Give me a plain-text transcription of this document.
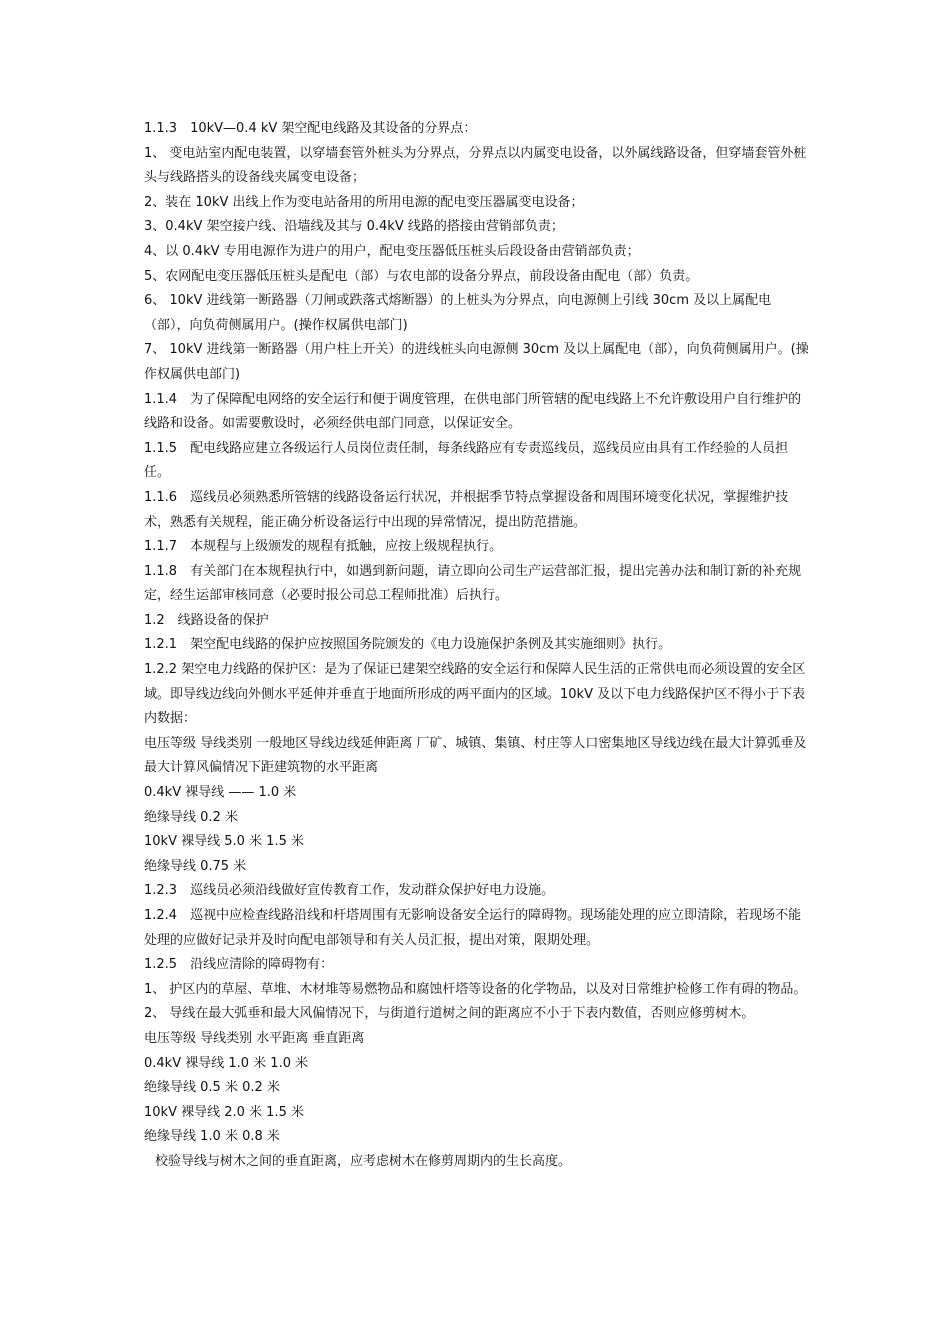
1.1.3　10kV—0.4 kV 架空配电线路及其设备的分界点：

1、 变电站室内配电装置，以穿墙套管外桩头为分界点，分界点以内属变电设备，以外属线路设备，但穿墙套管外桩头与线路搭头的设备线夹属变电设备；

2、装在 10kV 出线上作为变电站备用的所用电源的配电变压器属变电设备；

3、0.4kV 架空接户线、沿墙线及其与 0.4kV 线路的搭接由营销部负责；

4、以 0.4kV 专用电源作为进户的用户，配电变压器低压桩头后段设备由营销部负责；

5、农网配电变压器低压桩头是配电（部）与农电部的设备分界点，前段设备由配电（部）负责。

6、 10kV 进线第一断路器（刀闸或跌落式熔断器）的上桩头为分界点，向电源侧上引线 30cm 及以上属配电（部），向负荷侧属用户。(操作权属供电部门)

7、 10kV 进线第一断路器（用户柱上开关）的进线桩头向电源侧 30cm 及以上属配电（部），向负荷侧属用户。(操作权属供电部门)

1.1.4　为了保障配电网络的安全运行和便于调度管理，在供电部门所管辖的配电线路上不允许敷设用户自行维护的线路和设备。如需要敷设时，必须经供电部门同意，以保证安全。

1.1.5　配电线路应建立各级运行人员岗位责任制，每条线路应有专责巡线员，巡线员应由具有工作经验的人员担任。

1.1.6　巡线员必须熟悉所管辖的线路设备运行状况，并根据季节特点掌握设备和周围环境变化状况，掌握维护技术，熟悉有关规程，能正确分析设备运行中出现的异常情况，提出防范措施。

1.1.7　本规程与上级颁发的规程有抵触，应按上级规程执行。

1.1.8　有关部门在本规程执行中，如遇到新问题，请立即向公司生产运营部汇报，提出完善办法和制订新的补充规定，经生运部审核同意（必要时报公司总工程师批准）后执行。

1.2　线路设备的保护

1.2.1　架空配电线路的保护应按照国务院颁发的《电力设施保护条例及其实施细则》执行。

1.2.2 架空电力线路的保护区：是为了保证已建架空线路的安全运行和保障人民生活的正常供电而必须设置的安全区域。即导线边线向外侧水平延伸并垂直于地面所形成的两平面内的区域。10kV 及以下电力线路保护区不得小于下表内数据：

电压等级 导线类别 一般地区导线边线延伸距离 厂矿、城镇、集镇、村庄等人口密集地区导线边线在最大计算弧垂及最大计算风偏情况下距建筑物的水平距离

0.4kV 裸导线 —— 1.0 米

绝缘导线 0.2 米

10kV 裸导线 5.0 米 1.5 米

绝缘导线 0.75 米

1.2.3　巡线员必须沿线做好宣传教育工作，发动群众保护好电力设施。

1.2.4　巡视中应检查线路沿线和杆塔周围有无影响设备安全运行的障碍物。现场能处理的应立即清除，若现场不能处理的应做好记录并及时向配电部领导和有关人员汇报，提出对策，限期处理。

1.2.5　沿线应清除的障碍物有：

1、 护区内的草屋、草堆、木材堆等易燃物品和腐蚀杆塔等设备的化学物品，以及对日常维护检修工作有碍的物品。

2、 导线在最大弧垂和最大风偏情况下，与街道行道树之间的距离应不小于下表内数值，否则应修剪树木。

电压等级 导线类别 水平距离 垂直距离

0.4kV 裸导线 1.0 米 1.0 米

绝缘导线 0.5 米 0.2 米

10kV 裸导线 2.0 米 1.5 米

绝缘导线 1.0 米 0.8 米

校验导线与树木之间的垂直距离，应考虑树木在修剪周期内的生长高度。
